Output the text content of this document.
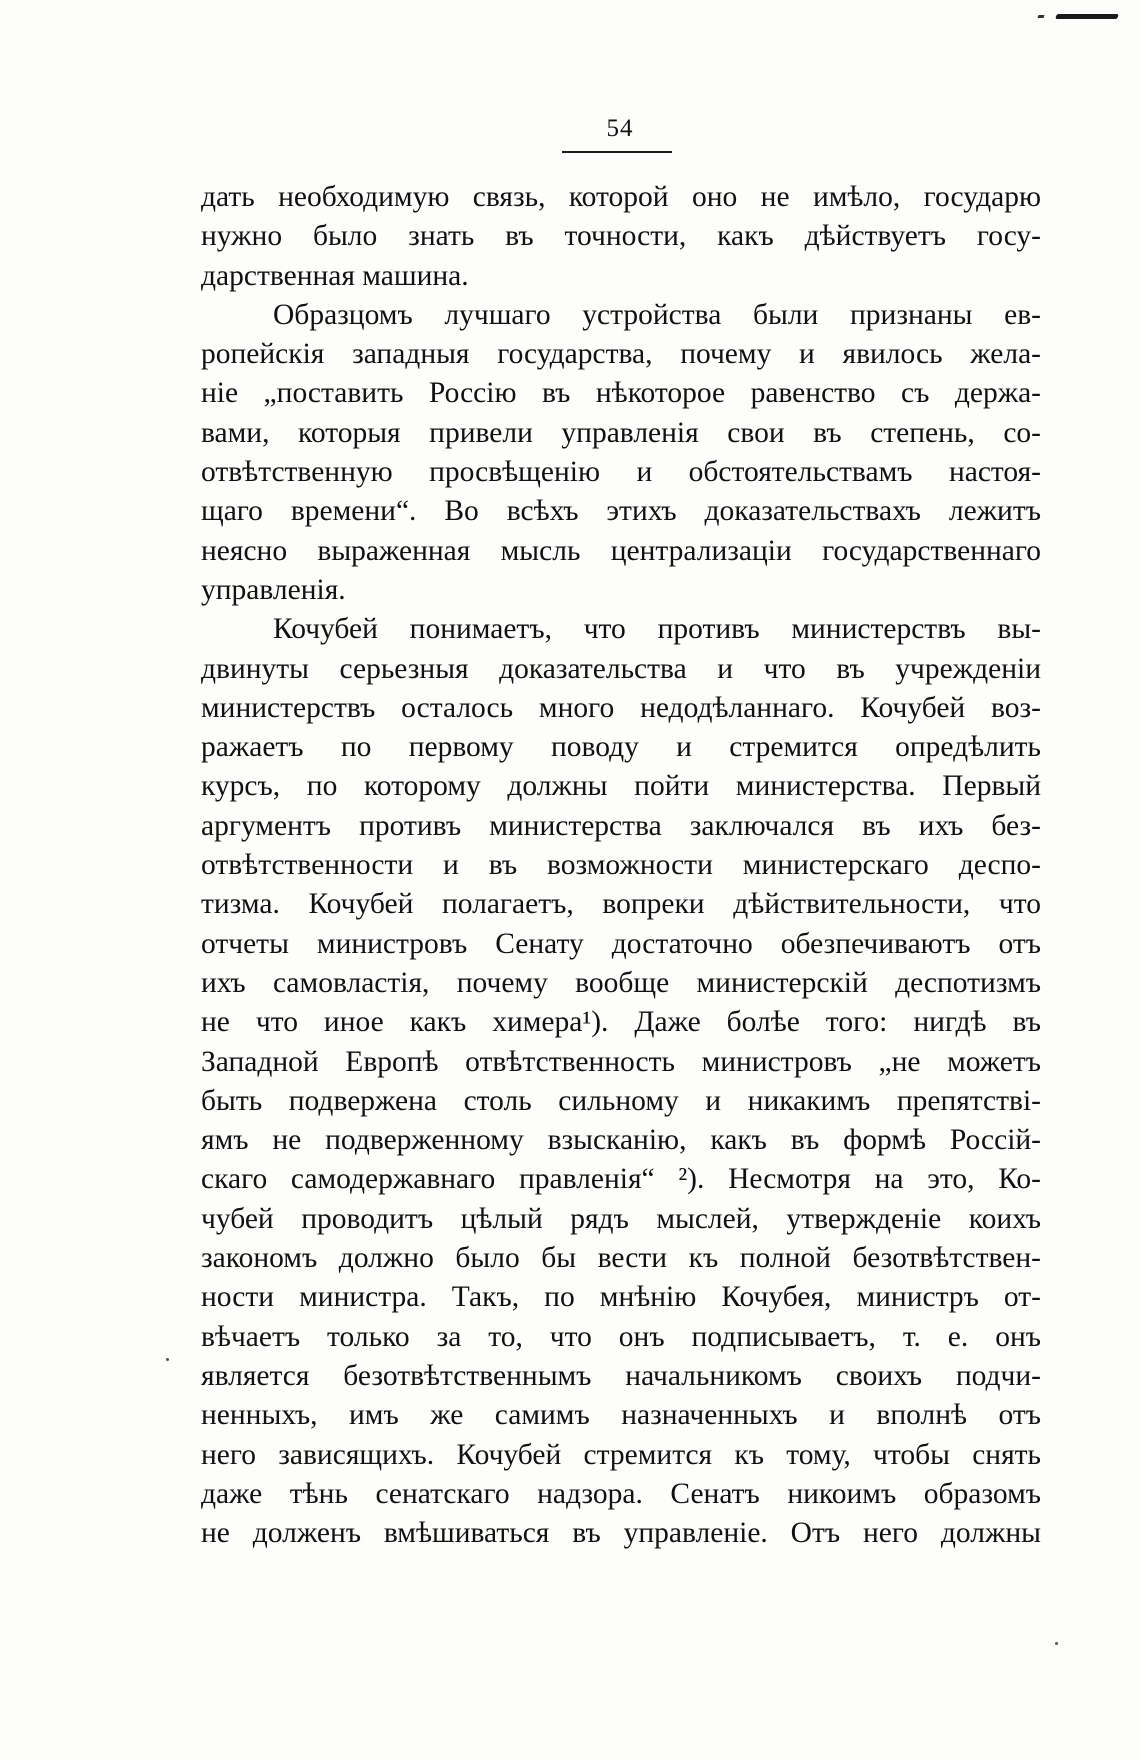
54
дать необходимую связь, которой оно не имѣло, государю
нужно было знать въ точности, какъ дѣйствуетъ госу-
дарственная машина.
Образцомъ лучшаго устройства были признаны ев-
ропейскія западныя государства, почему и явилось жела-
ніе „поставить Россію въ нѣкоторое равенство съ держа-
вами, которыя привели управленія свои въ степень, со-
отвѣтственную просвѣщенію и обстоятельствамъ настоя-
щаго времени“. Во всѣхъ этихъ доказательствахъ лежитъ
неясно выраженная мысль централизаціи государственнаго
управленія.
Кочубей понимаетъ, что противъ министерствъ вы-
двинуты серьезныя доказательства и что въ учрежденіи
министерствъ осталось много недодѣланнаго. Кочубей воз-
ражаетъ по первому поводу и стремится опредѣлить
курсъ, по которому должны пойти министерства. Первый
аргументъ противъ министерства заключался въ ихъ без-
отвѣтственности и въ возможности министерскаго деспо-
тизма. Кочубей полагаетъ, вопреки дѣйствительности, что
отчеты министровъ Сенату достаточно обезпечиваютъ отъ
ихъ самовластія, почему вообще министерскій деспотизмъ
не что иное какъ химера¹). Даже болѣе того: нигдѣ въ
Западной Европѣ отвѣтственность министровъ „не можетъ
быть подвержена столь сильному и никакимъ препятстві-
ямъ не подверженному взысканію, какъ въ формѣ Россій-
скаго самодержавнаго правленія“ ²). Несмотря на это, Ко-
чубей проводитъ цѣлый рядъ мыслей, утвержденіе коихъ
закономъ должно было бы вести къ полной безотвѣтствен-
ности министра. Такъ, по мнѣнію Кочубея, министръ от-
вѣчаетъ только за то, что онъ подписываетъ, т. е. онъ
является безотвѣтственнымъ начальникомъ своихъ подчи-
ненныхъ, имъ же самимъ назначенныхъ и вполнѣ отъ
него зависящихъ. Кочубей стремится къ тому, чтобы снять
даже тѣнь сенатскаго надзора. Сенатъ никоимъ образомъ
не долженъ вмѣшиваться въ управленіе. Отъ него должны
